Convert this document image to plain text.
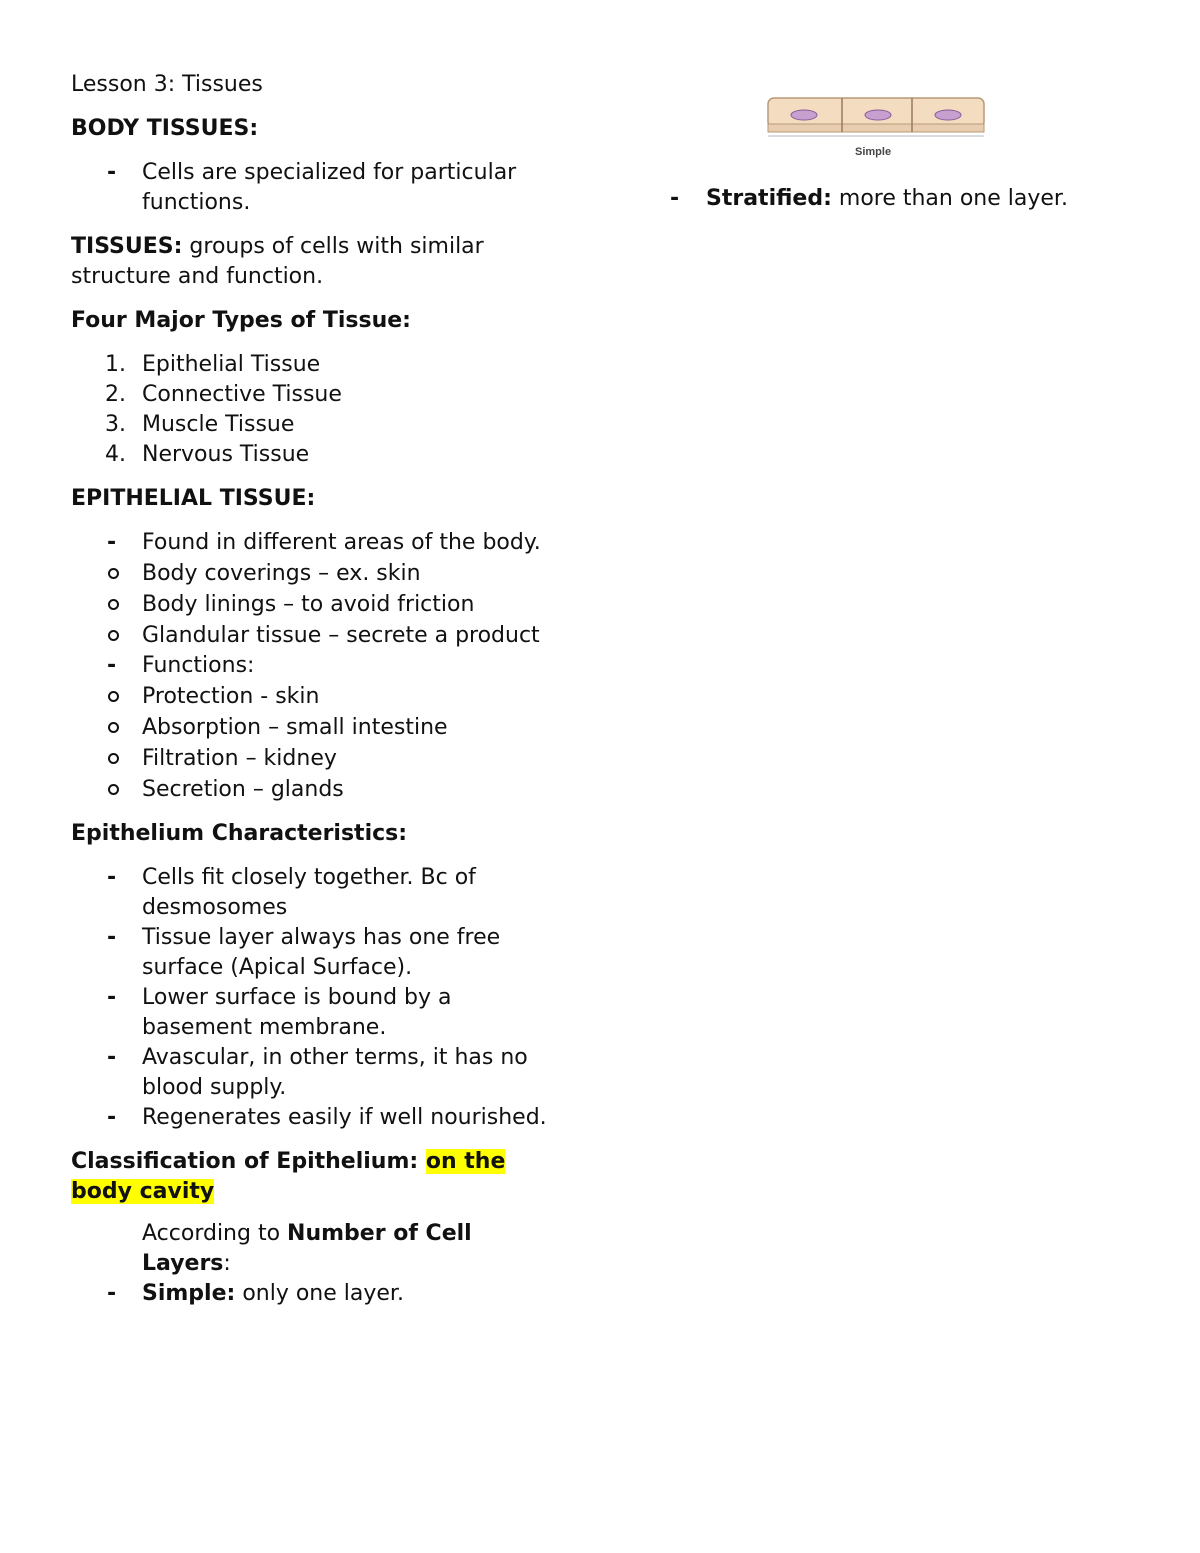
Lesson 3: Tissues

BODY TISSUES:

- Cells are specialized for particular functions.

TISSUES: groups of cells with similar structure and function.

Four Major Types of Tissue:

1. Epithelial Tissue
2. Connective Tissue
3. Muscle Tissue
4. Nervous Tissue

EPITHELIAL TISSUE:

- Found in different areas of the body.
Body coverings – ex. skin
Body linings – to avoid friction
Glandular tissue – secrete a product
- Functions:
Protection - skin
Absorption – small intestine
Filtration – kidney
Secretion – glands

Epithelium Characteristics:

- Cells fit closely together. Bc of desmosomes
- Tissue layer always has one free surface (Apical Surface).
- Lower surface is bound by a basement membrane.
- Avascular, in other terms, it has no blood supply.
- Regenerates easily if well nourished.

Classification of Epithelium: on the body cavity

According to Number of Cell Layers:

- Simple: only one layer.
Simple
- Stratified: more than one layer.
